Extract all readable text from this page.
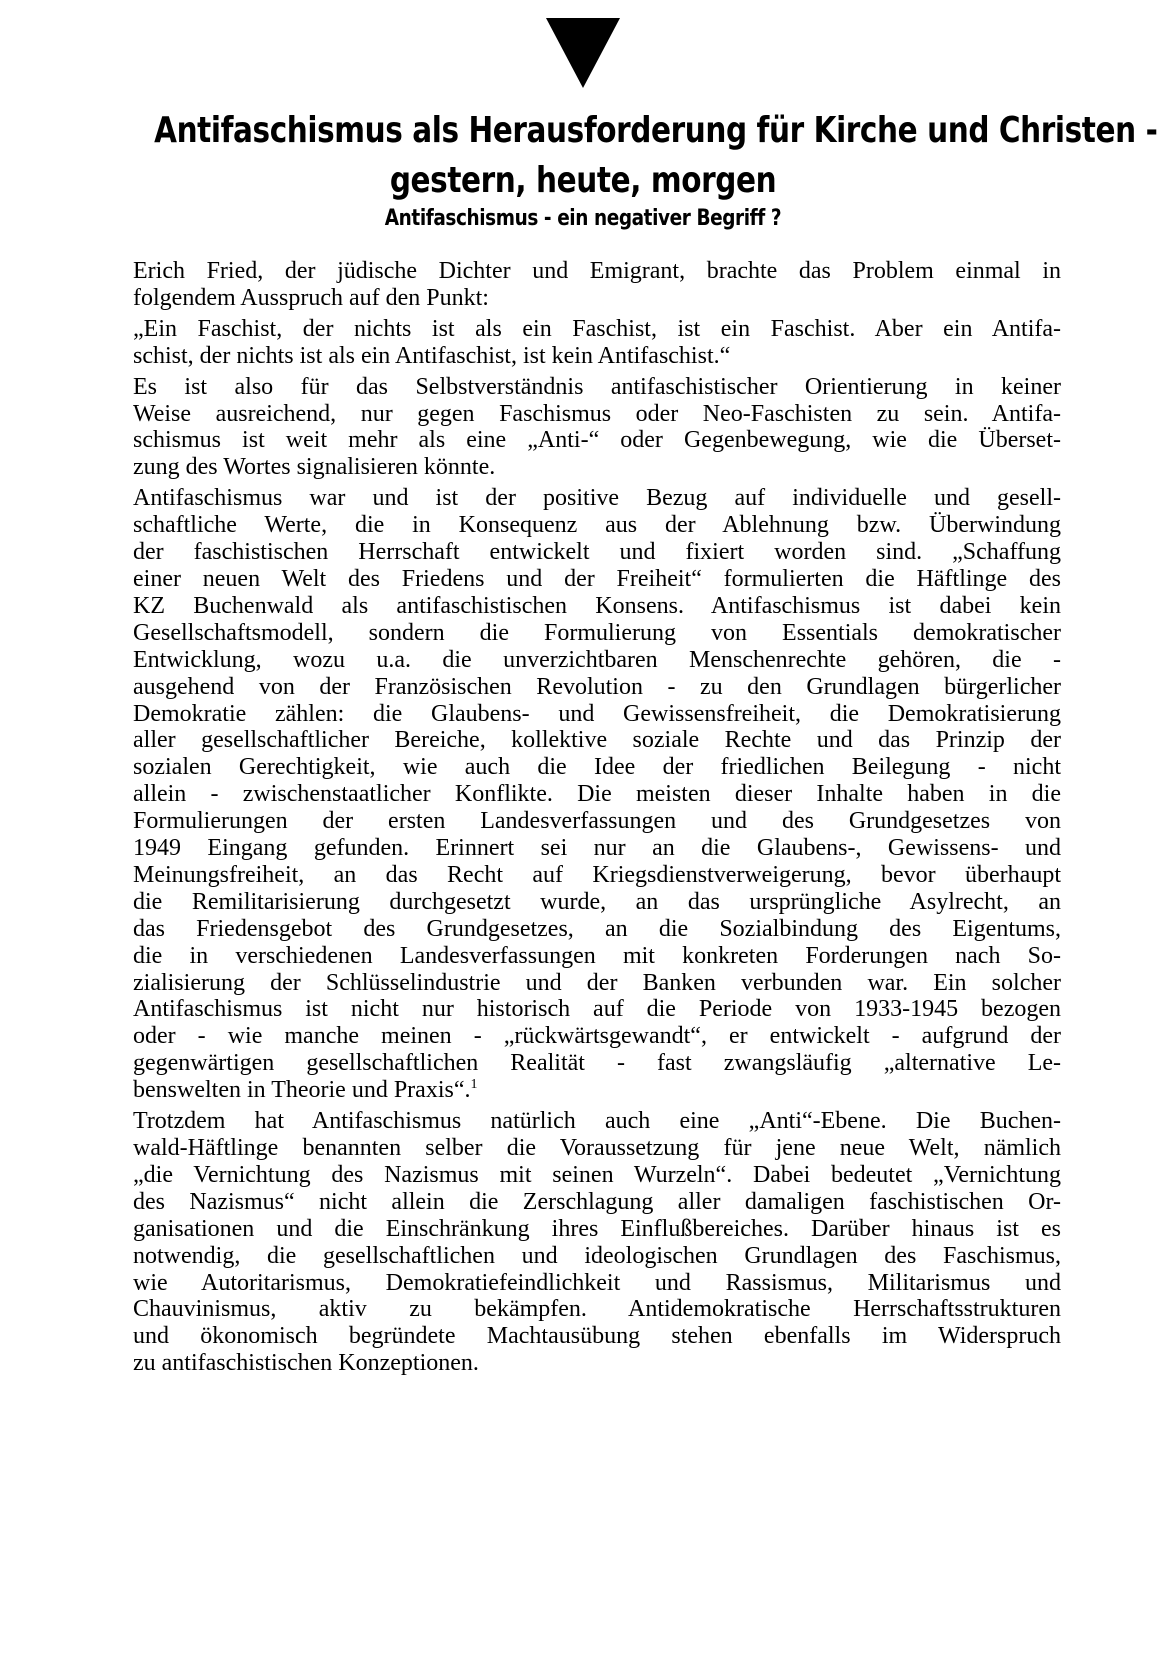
Antifaschismus als Herausforderung für Kirche und Christen -
gestern, heute, morgen
Antifaschismus - ein negativer Begriff ?

Erich Fried, der jüdische Dichter und Emigrant, brachte das Problem einmal in
folgendem Ausspruch auf den Punkt:

„Ein Faschist, der nichts ist als ein Faschist, ist ein Faschist. Aber ein Antifa-
schist, der nichts ist als ein Antifaschist, ist kein Antifaschist.“

Es ist also für das Selbstverständnis antifaschistischer Orientierung in keiner
Weise ausreichend, nur gegen Faschismus oder Neo-Faschisten zu sein. Antifa-
schismus ist weit mehr als eine „Anti-“ oder Gegenbewegung, wie die Überset-
zung des Wortes signalisieren könnte.

Antifaschismus war und ist der positive Bezug auf individuelle und gesell-
schaftliche Werte, die in Konsequenz aus der Ablehnung bzw. Überwindung
der faschistischen Herrschaft entwickelt und fixiert worden sind. „Schaffung
einer neuen Welt des Friedens und der Freiheit“ formulierten die Häftlinge des
KZ Buchenwald als antifaschistischen Konsens. Antifaschismus ist dabei kein
Gesellschaftsmodell, sondern die Formulierung von Essentials demokratischer
Entwicklung, wozu u.a. die unverzichtbaren Menschenrechte gehören, die -
ausgehend von der Französischen Revolution - zu den Grundlagen bürgerlicher
Demokratie zählen: die Glaubens- und Gewissensfreiheit, die Demokratisierung
aller gesellschaftlicher Bereiche, kollektive soziale Rechte und das Prinzip der
sozialen Gerechtigkeit, wie auch die Idee der friedlichen Beilegung - nicht
allein - zwischenstaatlicher Konflikte. Die meisten dieser Inhalte haben in die
Formulierungen der ersten Landesverfassungen und des Grundgesetzes von
1949 Eingang gefunden. Erinnert sei nur an die Glaubens-, Gewissens- und
Meinungsfreiheit, an das Recht auf Kriegsdienstverweigerung, bevor überhaupt
die Remilitarisierung durchgesetzt wurde, an das ursprüngliche Asylrecht, an
das Friedensgebot des Grundgesetzes, an die Sozialbindung des Eigentums,
die in verschiedenen Landesverfassungen mit konkreten Forderungen nach So-
zialisierung der Schlüsselindustrie und der Banken verbunden war. Ein solcher
Antifaschismus ist nicht nur historisch auf die Periode von 1933-1945 bezogen
oder - wie manche meinen - „rückwärtsgewandt“, er entwickelt - aufgrund der
gegenwärtigen gesellschaftlichen Realität - fast zwangsläufig „alternative Le-
benswelten in Theorie und Praxis“.$^1$

Trotzdem hat Antifaschismus natürlich auch eine „Anti“-Ebene. Die Buchen-
wald-Häftlinge benannten selber die Voraussetzung für jene neue Welt, nämlich
„die Vernichtung des Nazismus mit seinen Wurzeln“. Dabei bedeutet „Vernichtung
des Nazismus“ nicht allein die Zerschlagung aller damaligen faschistischen Or-
ganisationen und die Einschränkung ihres Einflußbereiches. Darüber hinaus ist es
notwendig, die gesellschaftlichen und ideologischen Grundlagen des Faschismus,
wie Autoritarismus, Demokratiefeindlichkeit und Rassismus, Militarismus und
Chauvinismus, aktiv zu bekämpfen. Antidemokratische Herrschaftsstrukturen
und ökonomisch begründete Machtausübung stehen ebenfalls im Widerspruch
zu antifaschistischen Konzeptionen.
